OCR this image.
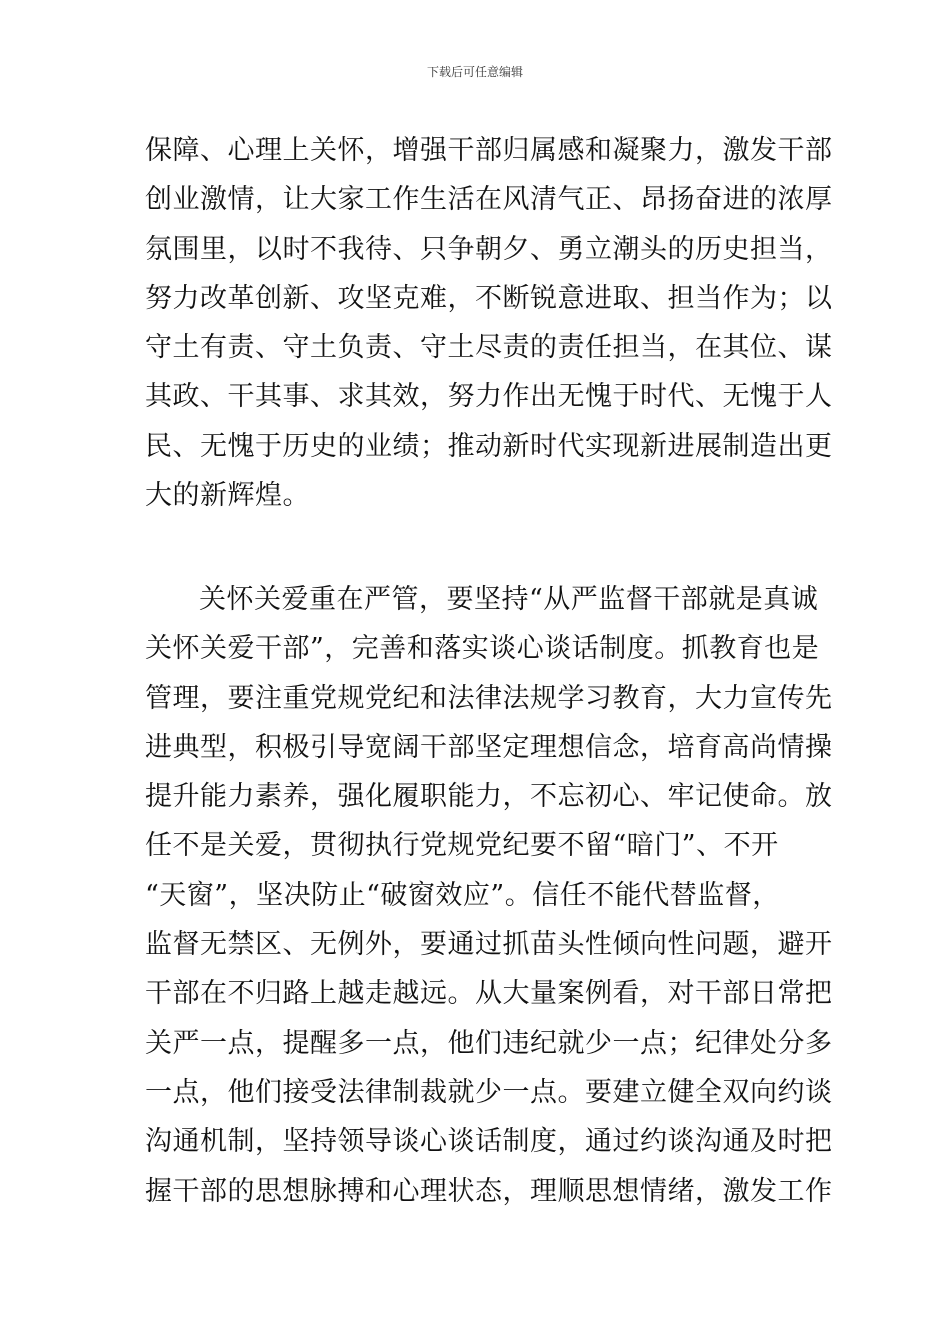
下载后可任意编辑
保障、心理上关怀，增强干部归属感和凝聚力，激发干部
创业激情，让大家工作生活在风清气正、昂扬奋进的浓厚
氛围里，以时不我待、只争朝夕、勇立潮头的历史担当，
努力改革创新、攻坚克难，不断锐意进取、担当作为；以
守土有责、守土负责、守土尽责的责任担当，在其位、谋
其政、干其事、求其效，努力作出无愧于时代、无愧于人
民、无愧于历史的业绩；推动新时代实现新进展制造出更
大的新辉煌。
关怀关爱重在严管，要坚持“从严监督干部就是真诚
关怀关爱干部”，完善和落实谈心谈话制度。抓教育也是
管理，要注重党规党纪和法律法规学习教育，大力宣传先
进典型，积极引导宽阔干部坚定理想信念，培育高尚情操
提升能力素养，强化履职能力，不忘初心、牢记使命。放
任不是关爱，贯彻执行党规党纪要不留“暗门”、不开
“天窗”，坚决防止“破窗效应”。信任不能代替监督，
监督无禁区、无例外，要通过抓苗头性倾向性问题，避开
干部在不归路上越走越远。从大量案例看，对干部日常把
关严一点，提醒多一点，他们违纪就少一点；纪律处分多
一点，他们接受法律制裁就少一点。要建立健全双向约谈
沟通机制，坚持领导谈心谈话制度，通过约谈沟通及时把
握干部的思想脉搏和心理状态，理顺思想情绪，激发工作
